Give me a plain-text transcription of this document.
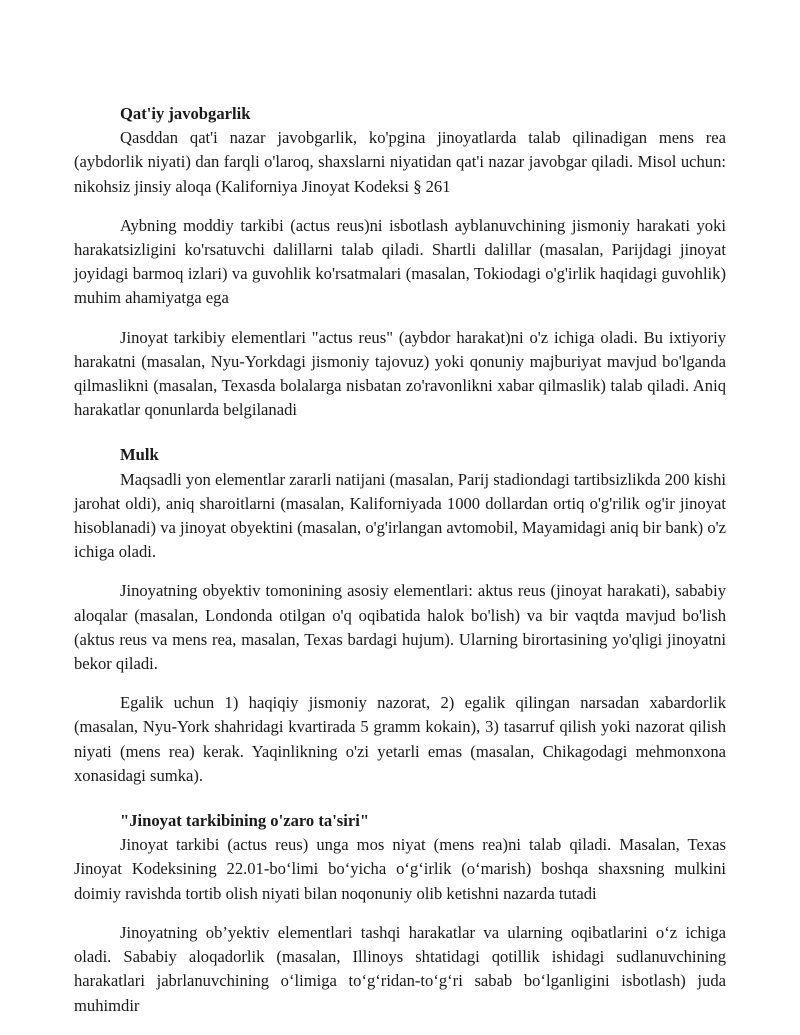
Qat'iy javobgarlik

Qasddan qat'i nazar javobgarlik, ko'pgina jinoyatlarda talab qilinadigan mens rea (aybdorlik niyati) dan farqli o'laroq, shaxslarni niyatidan qat'i nazar javobgar qiladi. Misol uchun: nikohsiz jinsiy aloqa (Kaliforniya Jinoyat Kodeksi § 261

Aybning moddiy tarkibi (actus reus)ni isbotlash ayblanuvchining jismoniy harakati yoki harakatsizligini ko'rsatuvchi dalillarni talab qiladi. Shartli dalillar (masalan, Parijdagi jinoyat joyidagi barmoq izlari) va guvohlik ko'rsatmalari (masalan, Tokiodagi o'g'irlik haqidagi guvohlik) muhim ahamiyatga ega

Jinoyat tarkibiy elementlari "actus reus" (aybdor harakat)ni o'z ichiga oladi. Bu ixtiyoriy harakatni (masalan, Nyu-Yorkdagi jismoniy tajovuz) yoki qonuniy majburiyat mavjud bo'lganda qilmaslikni (masalan, Texasda bolalarga nisbatan zo'ravonlikni xabar qilmaslik) talab qiladi. Aniq harakatlar qonunlarda belgilanadi

Mulk

Maqsadli yon elementlar zararli natijani (masalan, Parij stadiondagi tartibsizlikda 200 kishi jarohat oldi), aniq sharoitlarni (masalan, Kaliforniyada 1000 dollardan ortiq o'g'rilik og'ir jinoyat hisoblanadi) va jinoyat obyektini (masalan, o'g'irlangan avtomobil, Mayamidagi aniq bir bank) o'z ichiga oladi.

Jinoyatning obyektiv tomonining asosiy elementlari: aktus reus (jinoyat harakati), sababiy aloqalar (masalan, Londonda otilgan o'q oqibatida halok bo'lish) va bir vaqtda mavjud bo'lish (aktus reus va mens rea, masalan, Texas bardagi hujum). Ularning birortasining yo'qligi jinoyatni bekor qiladi.

Egalik uchun 1) haqiqiy jismoniy nazorat, 2) egalik qilingan narsadan xabardorlik (masalan, Nyu-York shahridagi kvartirada 5 gramm kokain), 3) tasarruf qilish yoki nazorat qilish niyati (mens rea) kerak. Yaqinlikning o'zi yetarli emas (masalan, Chikagodagi mehmonxona xonasidagi sumka).

"Jinoyat tarkibining o'zaro ta'siri"

Jinoyat tarkibi (actus reus) unga mos niyat (mens rea)ni talab qiladi. Masalan, Texas Jinoyat Kodeksining 22.01-bo‘limi bo‘yicha o‘g‘irlik (o‘marish) boshqa shaxsning mulkini doimiy ravishda tortib olish niyati bilan noqonuniy olib ketishni nazarda tutadi

Jinoyatning ob’yektiv elementlari tashqi harakatlar va ularning oqibatlarini o‘z ichiga oladi. Sababiy aloqadorlik (masalan, Illinoys shtatidagi qotillik ishidagi sudlanuvchining harakatlari jabrlanuvchining o‘limiga to‘g‘ridan-to‘g‘ri sabab bo‘lganligini isbotlash) juda muhimdir
